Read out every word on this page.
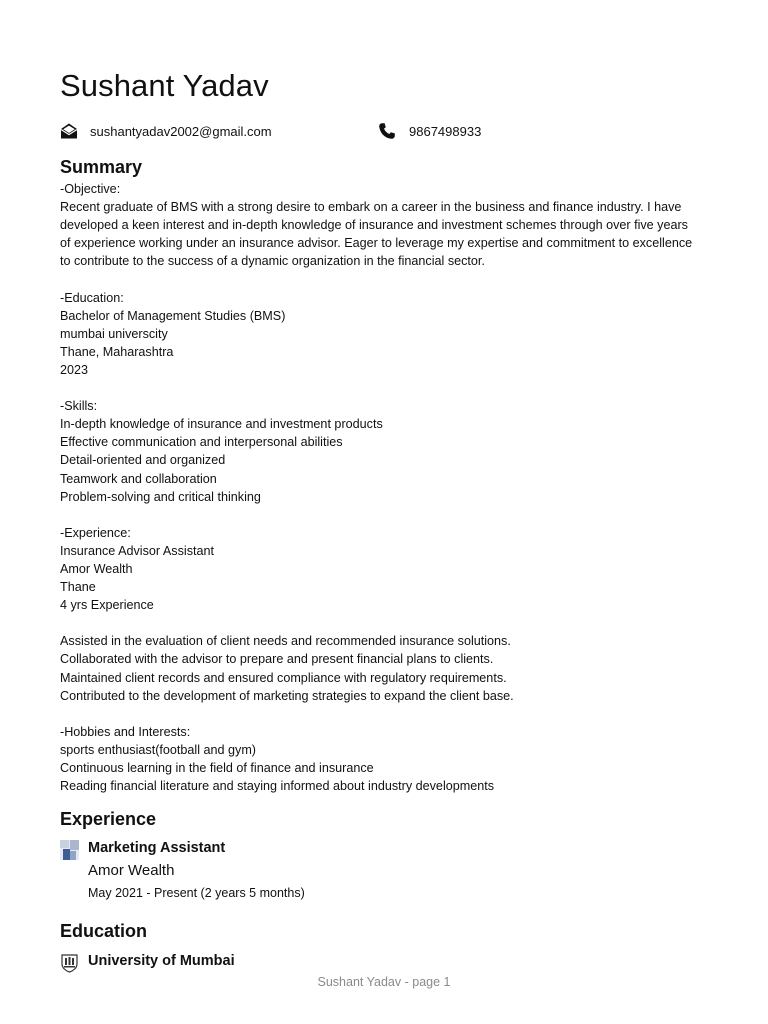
Sushant Yadav
sushantyadav2002@gmail.com	9867498933
Summary
-Objective:
Recent graduate of BMS with a strong desire to embark on a career in the business and finance industry. I have
developed a keen interest and in-depth knowledge of insurance and investment schemes through over five years
of experience working under an insurance advisor. Eager to leverage my expertise and commitment to excellence
to contribute to the success of a dynamic organization in the financial sector.
-Education:
Bachelor of Management Studies (BMS)
mumbai universcity
Thane, Maharashtra
2023
-Skills:
In-depth knowledge of insurance and investment products
Effective communication and interpersonal abilities
Detail-oriented and organized
Teamwork and collaboration
Problem-solving and critical thinking
-Experience:
Insurance Advisor Assistant
Amor Wealth
Thane
4 yrs Experience
Assisted in the evaluation of client needs and recommended insurance solutions.
Collaborated with the advisor to prepare and present financial plans to clients.
Maintained client records and ensured compliance with regulatory requirements.
Contributed to the development of marketing strategies to expand the client base.
-Hobbies and Interests:
sports enthusiast(football and gym)
Continuous learning in the field of finance and insurance
Reading financial literature and staying informed about industry developments
Experience
Marketing Assistant
Amor Wealth
May 2021 - Present (2 years 5 months)
Education
University of Mumbai
Sushant Yadav - page 1
